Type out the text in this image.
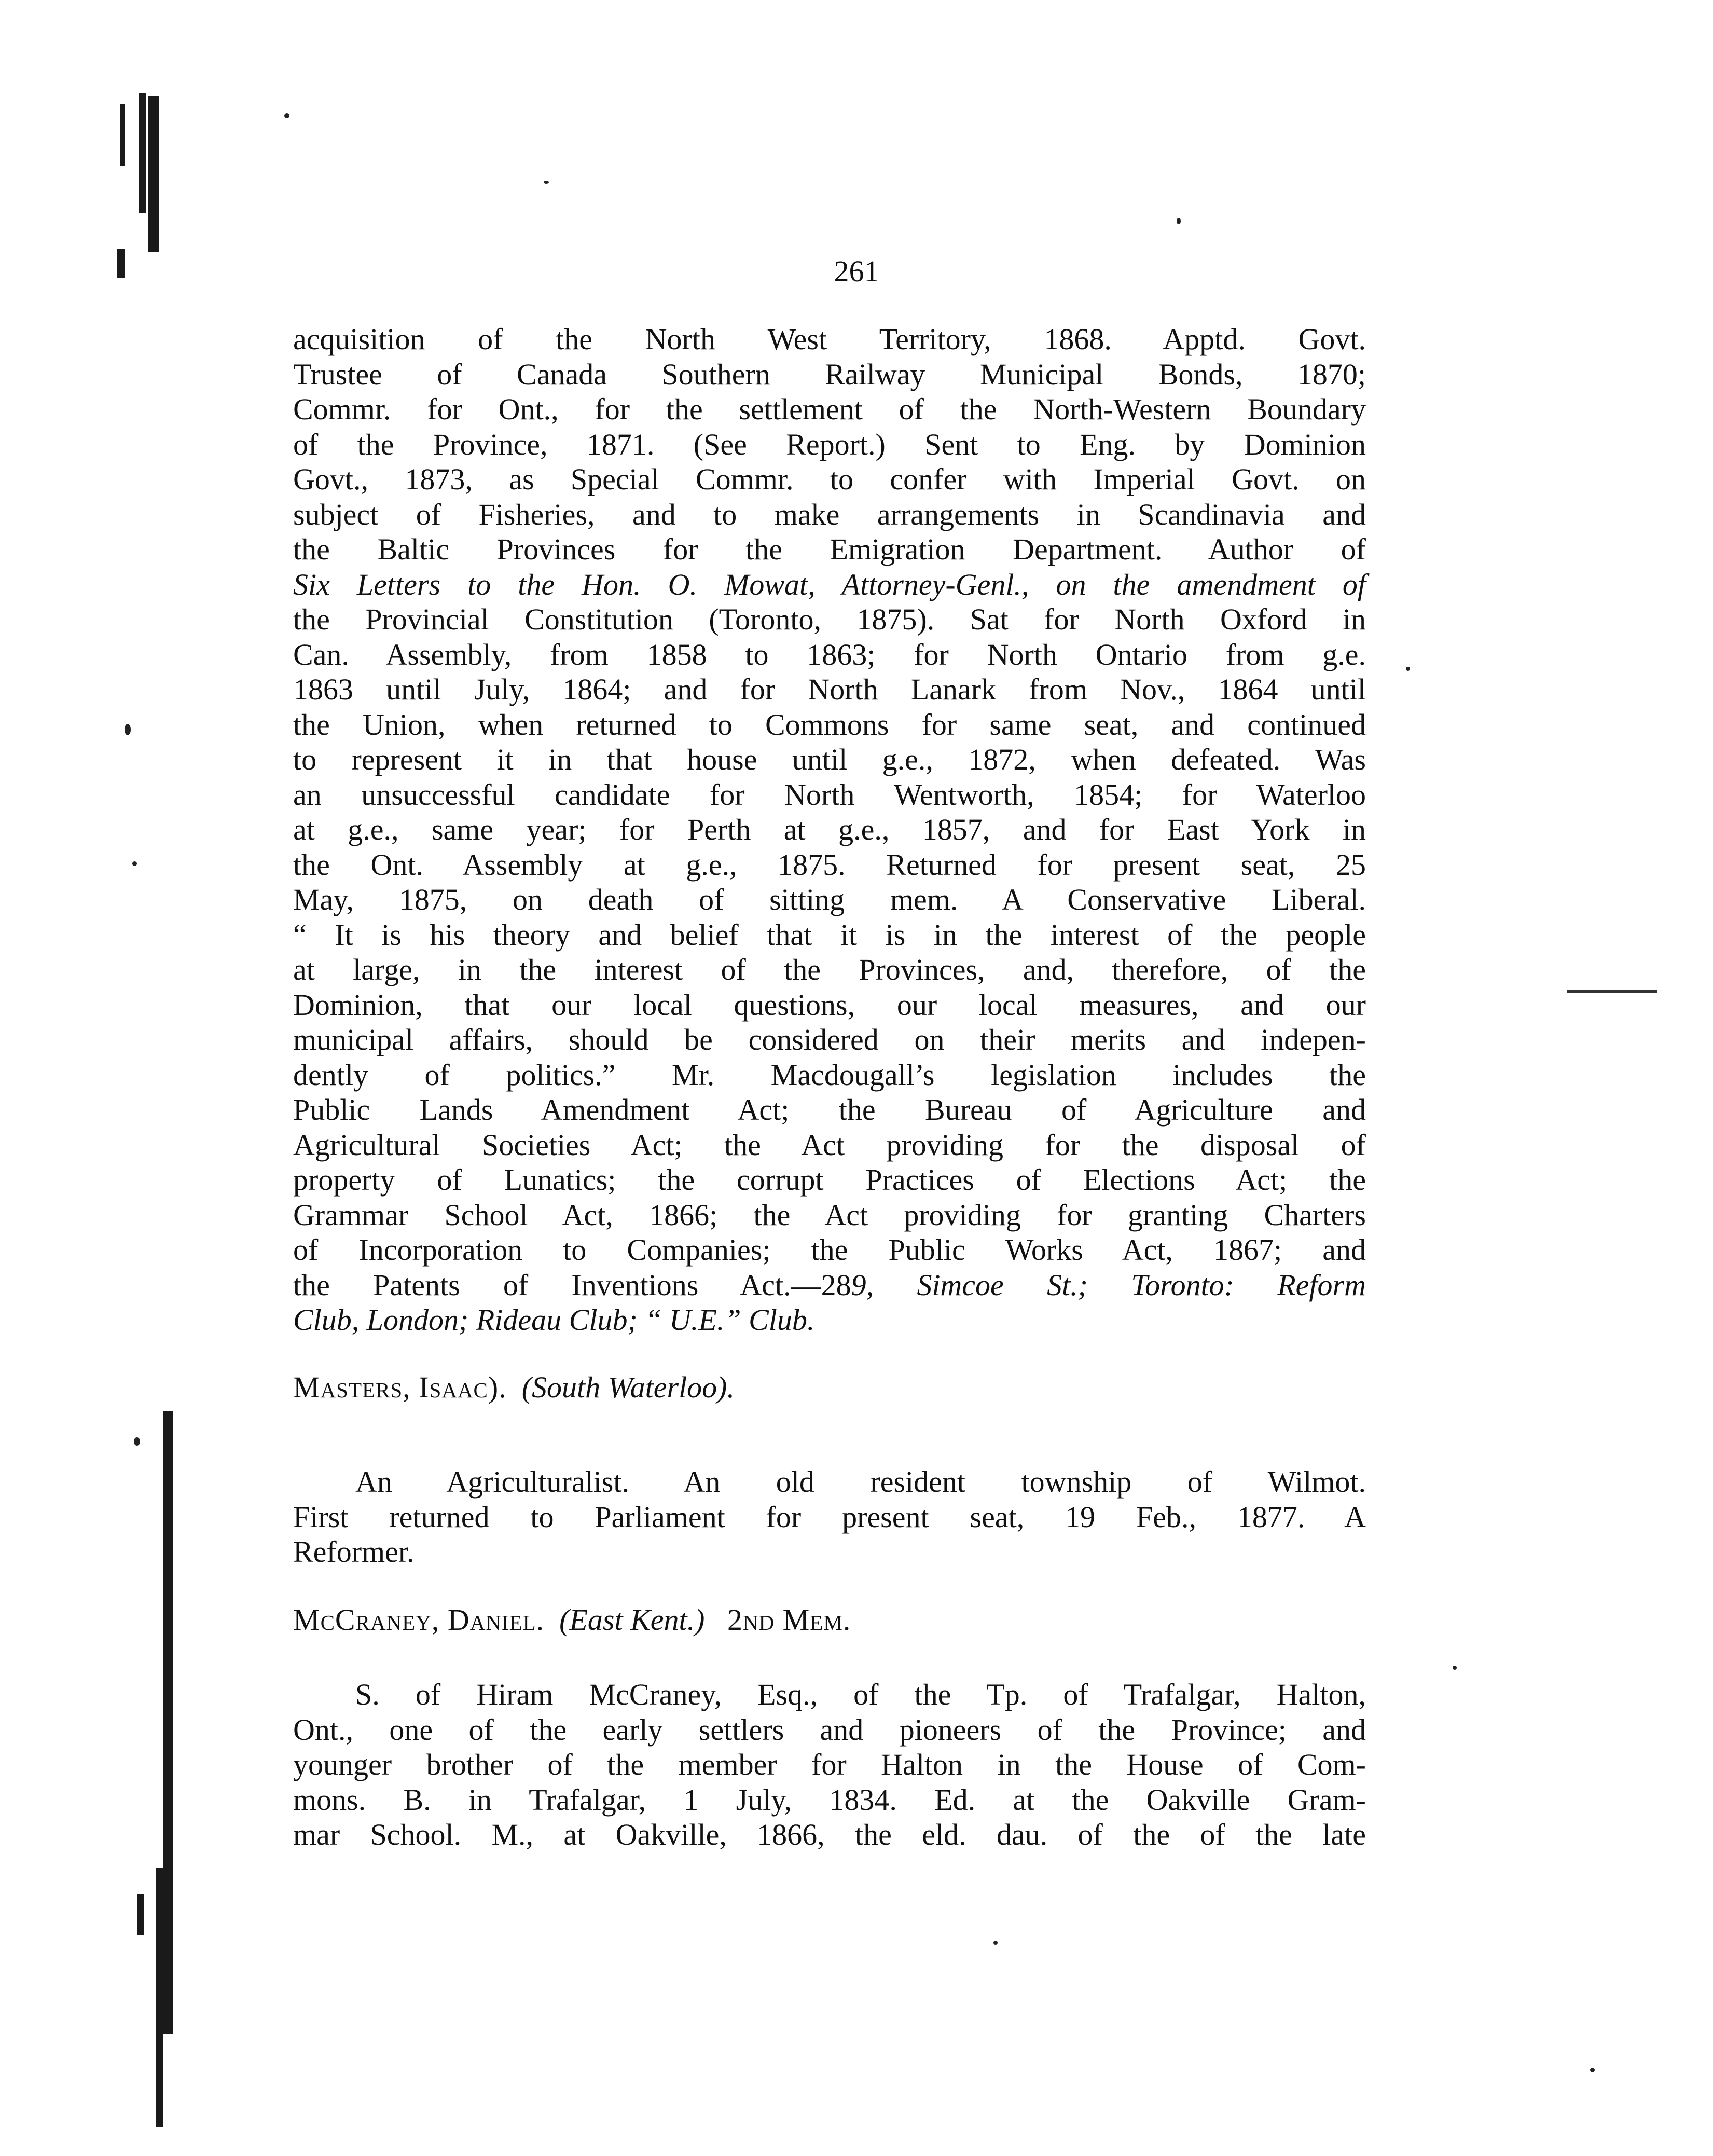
261
acquisition of the North West Territory, 1868. Apptd. Govt.
Trustee of Canada Southern Railway Municipal Bonds, 1870;
Commr. for Ont., for the settlement of the North-Western Boundary
of the Province, 1871. (See Report.) Sent to Eng. by Dominion
Govt., 1873, as Special Commr. to confer with Imperial Govt. on
subject of Fisheries, and to make arrangements in Scandinavia and
the Baltic Provinces for the Emigration Department. Author of
Six Letters to the Hon. O. Mowat, Attorney-Genl., on the amendment of
the Provincial Constitution (Toronto, 1875). Sat for North Oxford in
Can. Assembly, from 1858 to 1863; for North Ontario from g.e.
1863 until July, 1864; and for North Lanark from Nov., 1864 until
the Union, when returned to Commons for same seat, and continued
to represent it in that house until g.e., 1872, when defeated. Was
an unsuccessful candidate for North Wentworth, 1854; for Waterloo
at g.e., same year; for Perth at g.e., 1857, and for East York in
the Ont. Assembly at g.e., 1875. Returned for present seat, 25
May, 1875, on death of sitting mem. A Conservative Liberal.
“ It is his theory and belief that it is in the interest of the people
at large, in the interest of the Provinces, and, therefore, of the
Dominion, that our local questions, our local measures, and our
municipal affairs, should be considered on their merits and indepen-
dently of politics.” Mr. Macdougall’s legislation includes the
Public Lands Amendment Act; the Bureau of Agriculture and
Agricultural Societies Act; the Act providing for the disposal of
property of Lunatics; the corrupt Practices of Elections Act; the
Grammar School Act, 1866; the Act providing for granting Charters
of Incorporation to Companies; the Public Works Act, 1867; and
the Patents of Inventions Act.—289, Simcoe St.; Toronto: Reform
Club, London; Rideau Club; “ U.E.” Club.
Masters, Isaac). (South Waterloo).
An Agriculturalist. An old resident township of Wilmot.
First returned to Parliament for present seat, 19 Feb., 1877. A
Reformer.
McCraney, Daniel. (East Kent.) 2nd Mem.
S. of Hiram McCraney, Esq., of the Tp. of Trafalgar, Halton,
Ont., one of the early settlers and pioneers of the Province; and
younger brother of the member for Halton in the House of Com-
mons. B. in Trafalgar, 1 July, 1834. Ed. at the Oakville Gram-
mar School. M., at Oakville, 1866, the eld. dau. of the of the late
